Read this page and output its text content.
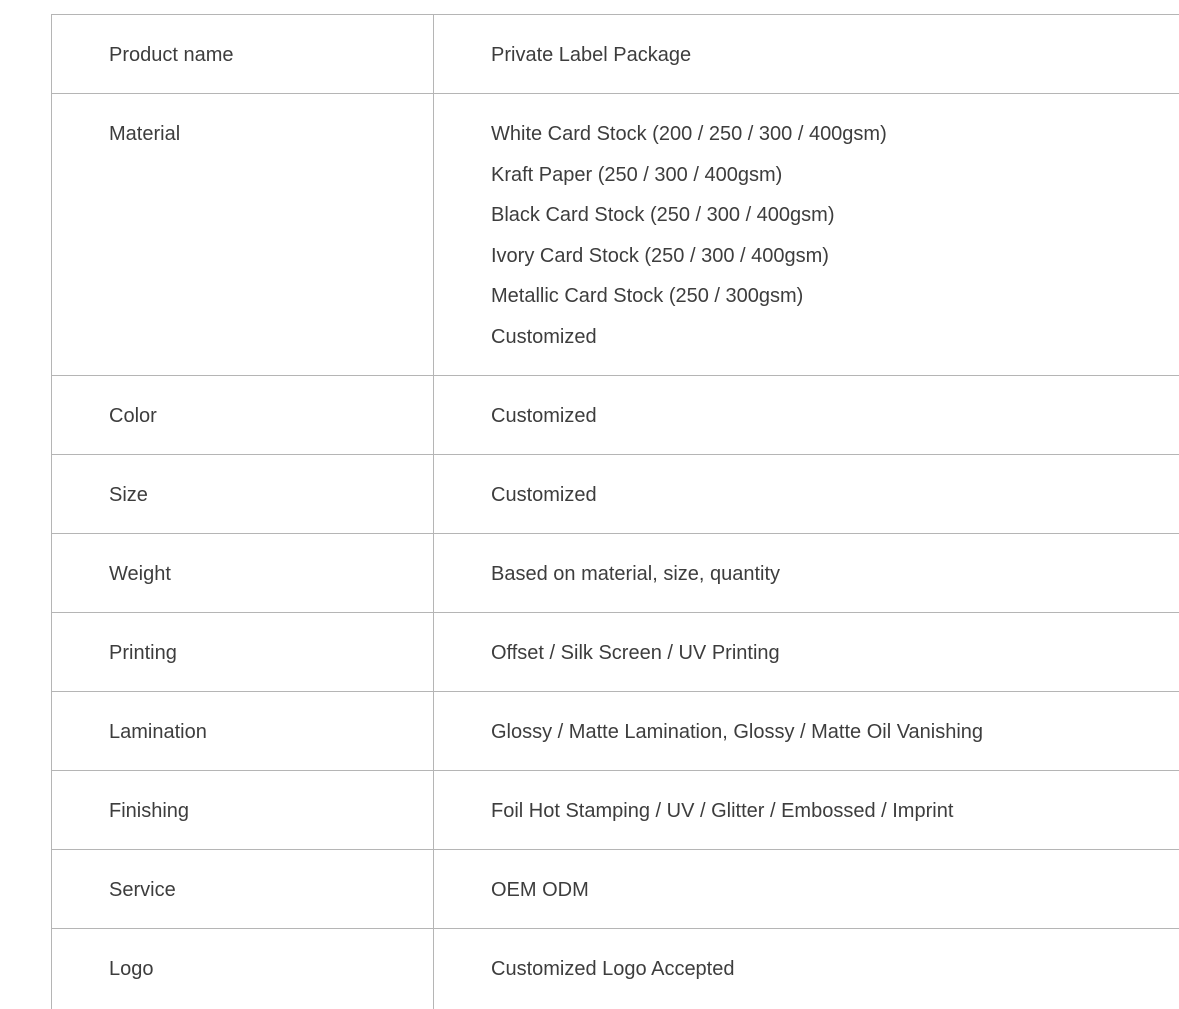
Product name	Private Label Package
Material	White Card Stock (200 / 250 / 300 / 400gsm)
Kraft Paper (250 / 300 / 400gsm)
Black Card Stock (250 / 300 / 400gsm)
Ivory Card Stock (250 / 300 / 400gsm)
Metallic Card Stock (250 / 300gsm)
Customized
Color	Customized
Size	Customized
Weight	Based on material, size, quantity
Printing	Offset / Silk Screen / UV Printing
Lamination	Glossy / Matte Lamination, Glossy / Matte Oil Vanishing
Finishing	Foil Hot Stamping / UV / Glitter / Embossed / Imprint
Service	OEM ODM
Logo	Customized Logo Accepted
